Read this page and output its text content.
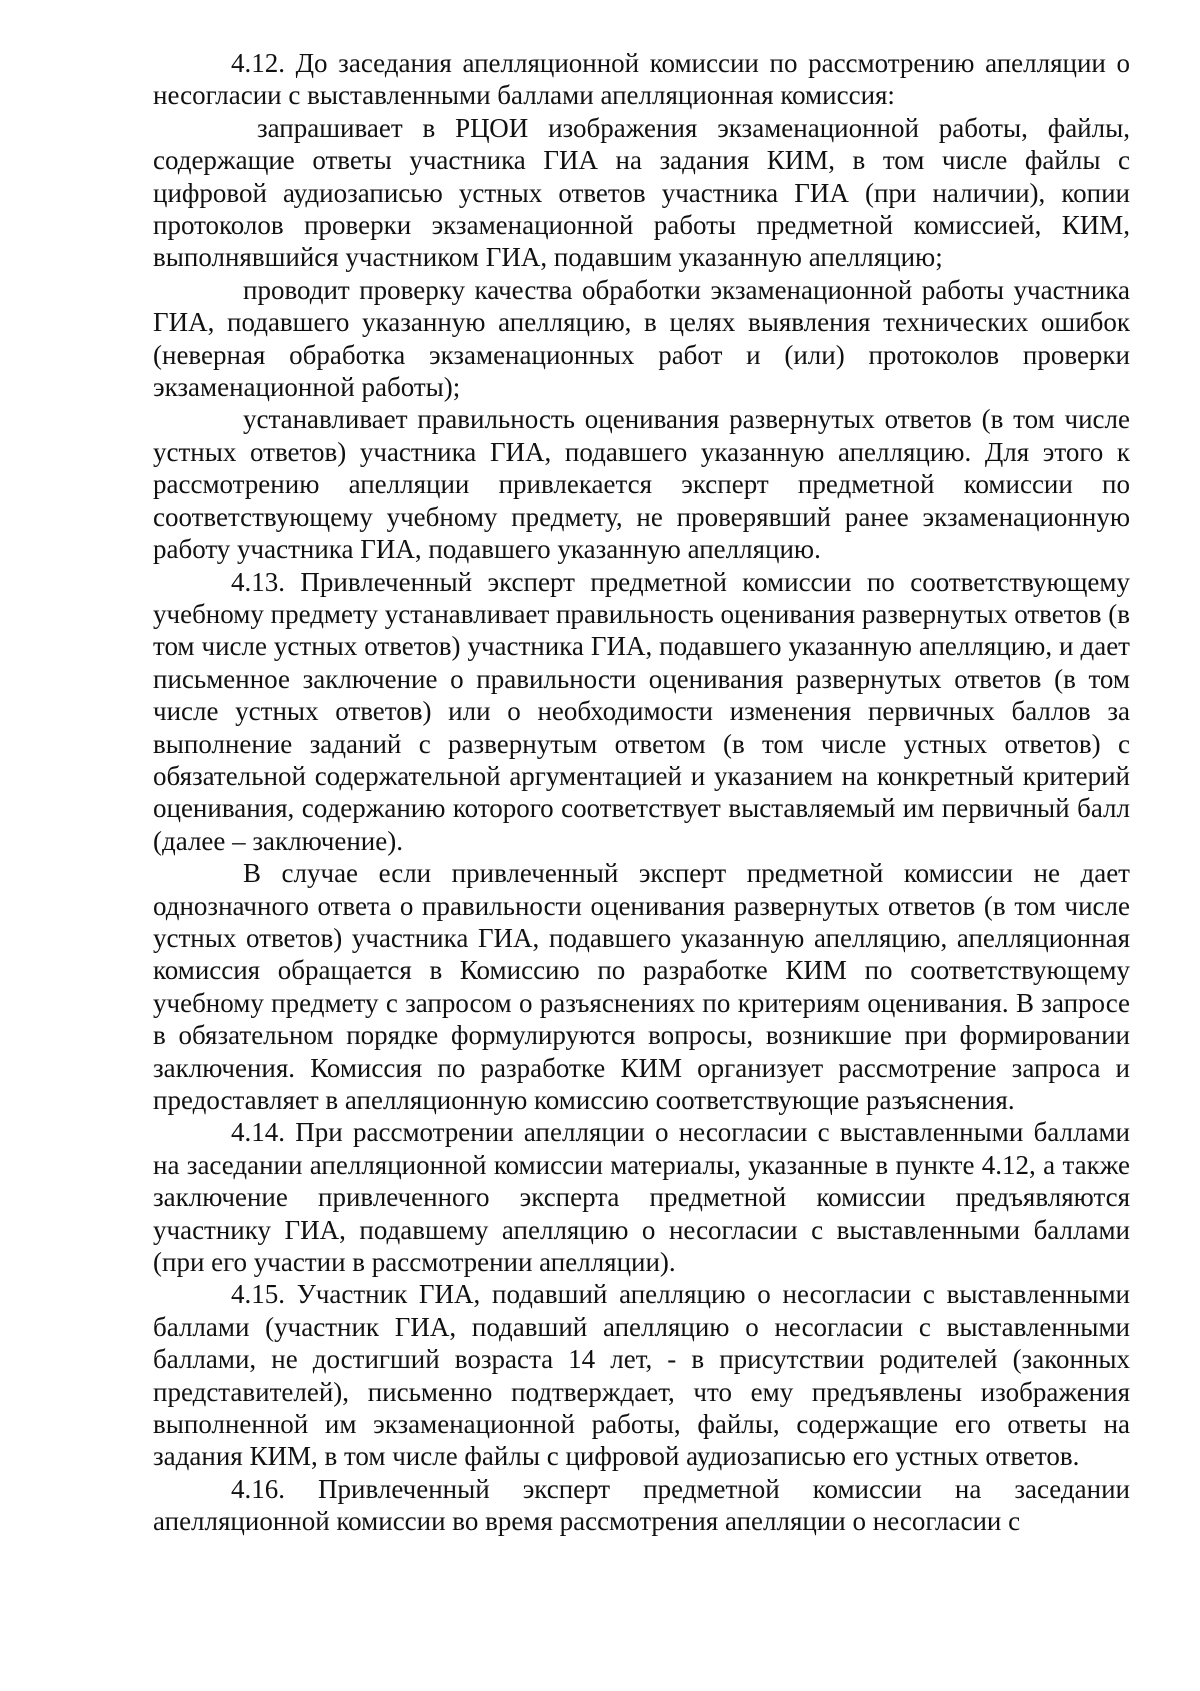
4.12. До заседания апелляционной комиссии по рассмотрению апелляции о несогласии с выставленными баллами апелляционная комиссия:

запрашивает в РЦОИ изображения экзаменационной работы, файлы, содержащие ответы участника ГИА на задания КИМ, в том числе файлы с цифровой аудиозаписью устных ответов участника ГИА (при наличии), копии протоколов проверки экзаменационной работы предметной комиссией, КИМ, выполнявшийся участником ГИА, подавшим указанную апелляцию;

проводит проверку качества обработки экзаменационной работы участника ГИА, подавшего указанную апелляцию, в целях выявления технических ошибок (неверная обработка экзаменационных работ и (или) протоколов проверки экзаменационной работы);

устанавливает правильность оценивания развернутых ответов (в том числе устных ответов) участника ГИА, подавшего указанную апелляцию. Для этого к рассмотрению апелляции привлекается эксперт предметной комиссии по соответствующему учебному предмету, не проверявший ранее экзаменационную работу участника ГИА, подавшего указанную апелляцию.

4.13. Привлеченный эксперт предметной комиссии по соответствующему учебному предмету устанавливает правильность оценивания развернутых ответов (в том числе устных ответов) участника ГИА, подавшего указанную апелляцию, и дает письменное заключение о правильности оценивания развернутых ответов (в том числе устных ответов) или о необходимости изменения первичных баллов за выполнение заданий с развернутым ответом (в том числе устных ответов) с обязательной содержательной аргументацией и указанием на конкретный критерий оценивания, содержанию которого соответствует выставляемый им первичный балл (далее – заключение).

В случае если привлеченный эксперт предметной комиссии не дает однозначного ответа о правильности оценивания развернутых ответов (в том числе устных ответов) участника ГИА, подавшего указанную апелляцию, апелляционная комиссия обращается в Комиссию по разработке КИМ по соответствующему учебному предмету с запросом о разъяснениях по критериям оценивания. В запросе в обязательном порядке формулируются вопросы, возникшие при формировании заключения. Комиссия по разработке КИМ организует рассмотрение запроса и предоставляет в апелляционную комиссию соответствующие разъяснения.

4.14. При рассмотрении апелляции о несогласии с выставленными баллами на заседании апелляционной комиссии материалы, указанные в пункте 4.12, а также заключение привлеченного эксперта предметной комиссии предъявляются участнику ГИА, подавшему апелляцию о несогласии с выставленными баллами (при его участии в рассмотрении апелляции).

4.15. Участник ГИА, подавший апелляцию о несогласии с выставленными баллами (участник ГИА, подавший апелляцию о несогласии с выставленными баллами, не достигший возраста 14 лет, - в присутствии родителей (законных представителей), письменно подтверждает, что ему предъявлены изображения выполненной им экзаменационной работы, файлы, содержащие его ответы на задания КИМ, в том числе файлы с цифровой аудиозаписью его устных ответов.

4.16. Привлеченный эксперт предметной комиссии на заседании апелляционной комиссии во время рассмотрения апелляции о несогласии с
